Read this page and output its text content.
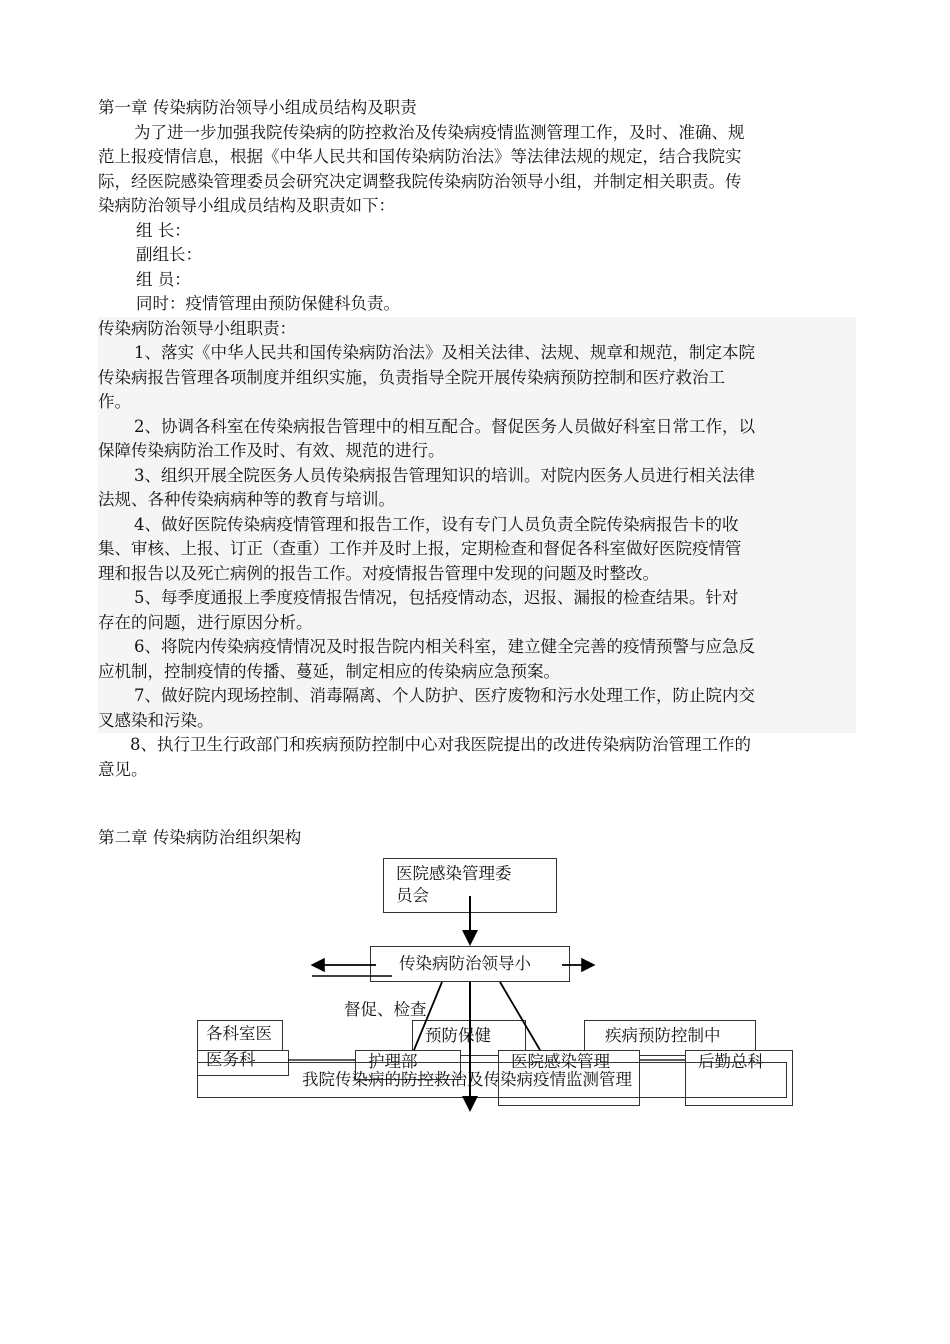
第一章 传染病防治领导小组成员结构及职责
为了进一步加强我院传染病的防控救治及传染病疫情监测管理工作，及时、准确、规
范上报疫情信息，根据《中华人民共和国传染病防治法》等法律法规的规定，结合我院实
际，经医院感染管理委员会研究决定调整我院传染病防治领导小组，并制定相关职责。传
染病防治领导小组成员结构及职责如下：
组 长：
副组长：
组 员：
同时：疫情管理由预防保健科负责。
传染病防治领导小组职责：
1、落实《中华人民共和国传染病防治法》及相关法律、法规、规章和规范，制定本院
传染病报告管理各项制度并组织实施，负责指导全院开展传染病预防控制和医疗救治工
作。
2、协调各科室在传染病报告管理中的相互配合。督促医务人员做好科室日常工作，以
保障传染病防治工作及时、有效、规范的进行。
3、组织开展全院医务人员传染病报告管理知识的培训。对院内医务人员进行相关法律
法规、各种传染病病种等的教育与培训。
4、做好医院传染病疫情管理和报告工作，设有专门人员负责全院传染病报告卡的收
集、审核、上报、订正（查重）工作并及时上报，定期检查和督促各科室做好医院疫情管
理和报告以及死亡病例的报告工作。对疫情报告管理中发现的问题及时整改。
5、每季度通报上季度疫情报告情况，包括疫情动态，迟报、漏报的检查结果。针对
存在的问题，进行原因分析。
6、将院内传染病疫情情况及时报告院内相关科室，建立健全完善的疫情预警与应急反
应机制，控制疫情的传播、蔓延，制定相应的传染病应急预案。
7、做好院内现场控制、消毒隔离、个人防护、医疗废物和污水处理工作，防止院内交
叉感染和污染。
8、执行卫生行政部门和疾病预防控制中心对我医院提出的改进传染病防治管理工作的
意见。
第二章 传染病防治组织架构
医院感染管理委
员会
传染病防治领导小
督促、检查
各科室医
医务科
预防保健	疾病预防控制中
护理部	医院感染管理	后勤总科
我院传染病的防控救治及传染病疫情监测管理
